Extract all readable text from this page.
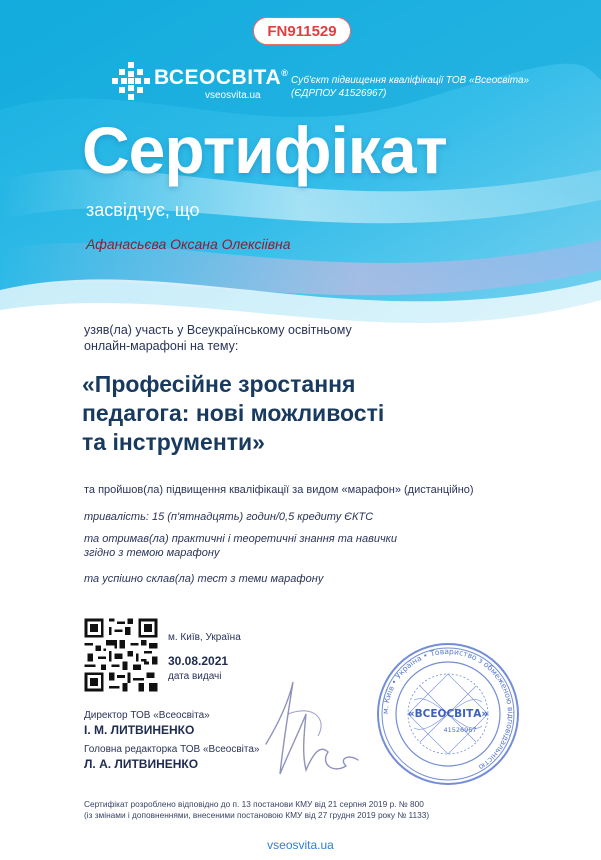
FN911529
ВСЕОСВІТА®
vseosvita.ua
Суб'єкт підвищення кваліфікації ТОВ «Всеосвіта»
(ЄДРПОУ 41526967)
Сертифікат
засвідчує, що
Афанасьєва Оксана Олексіівна
узяв(ла) участь у Всеукраїнському освітньому
онлайн-марафоні на тему:
«Професійне зростання
педагога: нові можливості
та інструменти»
та пройшов(ла) підвищення кваліфікації за видом «марафон» (дистанційно)
тривалість: 15 (п'ятнадцять) годин/0,5 кредиту ЄКТС
та отримав(ла) практичні і теоретичні знання та навички
згідно з темою марафону
та успішно склав(ла) тест з теми марафону
м. Київ, Україна
30.08.2021
дата видачі
Директор ТОВ «Всеосвіта»
І. М. ЛИТВИНЕНКО
Головна редакторка ТОВ «Всеосвіта»
Л. А. ЛИТВИНЕНКО
м. Київ • Україна • Товариство з обмеженою відповідальністю
«ВСЕОСВІТА»
41526967
Сертифікат розроблено відповідно до п. 13 постанови КМУ від 21 серпня 2019 р. № 800
(із змінами і доповненнями, внесеними постановою КМУ від 27 грудня 2019 року № 1133)
vseosvita.ua
